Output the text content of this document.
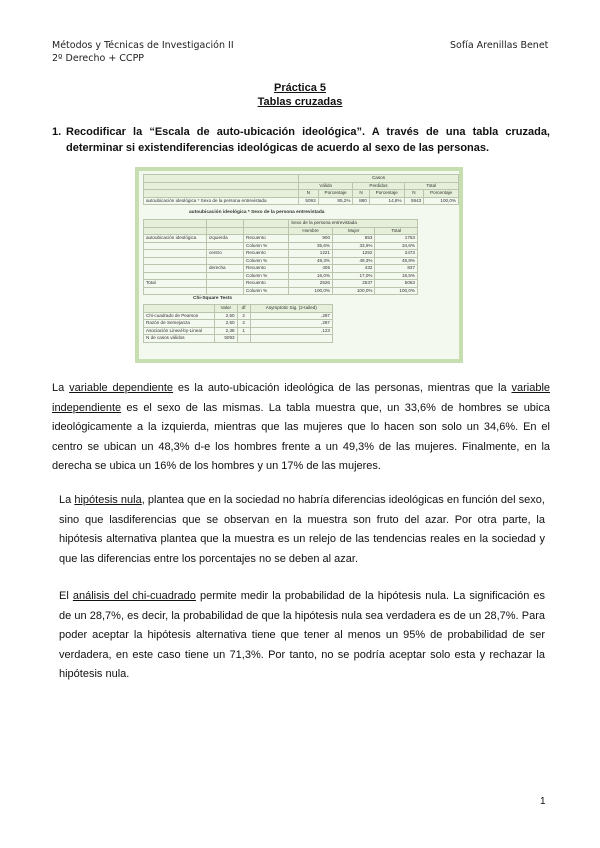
Métodos y Técnicas de Investigación II
2º Derecho + CCPP
Sofía Arenillas Benet
Práctica 5
Tablas cruzadas
1. Recodificar la “Escala de auto-ubicación ideológica”. A través de una tabla cruzada, determinar si existendiferencias ideológicas de acuerdo al sexo de las personas.
	Casos					
	Válido		Perdidos		Total	
	N	Porcentaje	N	Porcentaje	N	Porcentaje
autoubicación ideológica * Sexo de la persona entrevistada	5093	85,2%	880	14,8%	5943	100,0%
autoubicación ideológica * Sexo de la persona entrevistada
			Sexo de la persona entrevistada		
			Hombre	Mujer	Total
autoubicación ideológica	izquierda	Recuento	900	853	1753
		Column %	35,6%	33,6%	34,6%
	centro	Recuento	1221	1252	2473
		Column %	48,3%	49,3%	48,8%
	derecha	Recuento	405	432	837
		Column %	16,0%	17,0%	16,5%
Total		Recuento	2526	2537	5063
		Column %	100,0%	100,0%	100,0%
Chi-Square Tests
	Valor	df	Asymptotic Sig. (2-tailed)
Chi-cuadrado de Pearson	2,50	2	,287
Razón de Semejanza	2,50	2	,287
Asociación Lineal-by-Lineal	2,38	1	,123
N de casos válidos	5093		
La variable dependiente es la auto-ubicación ideológica de las personas, mientras que la variable independiente es el sexo de las mismas. La tabla muestra que, un 33,6% de hombres se ubica ideológicamente a la izquierda, mientras que las mujeres que lo hacen son solo un 34,6%. En el centro se ubican un 48,3% d-e los hombres frente a un 49,3% de las mujeres. Finalmente, en la derecha se ubica un 16% de los hombres y un 17% de las mujeres.
La hipótesis nula, plantea que en la sociedad no habría diferencias ideológicas en función del sexo, sino que lasdiferencias que se observan en la muestra son fruto del azar. Por otra parte, la hipótesis alternativa plantea que la muestra es un relejo de las tendencias reales en la sociedad y que las diferencias entre los porcentajes no se deben al azar.
El análisis del chi-cuadrado permite medir la probabilidad de la hipótesis nula. La significación es de un 28,7%, es decir, la probabilidad de que la hipótesis nula sea verdadera es de un 28,7%. Para poder aceptar la hipótesis alternativa tiene que tener al menos un 95% de probabilidad de ser verdadera, en este caso tiene un 71,3%. Por tanto, no se podría aceptar solo esta y rechazar la hipótesis nula.
1
